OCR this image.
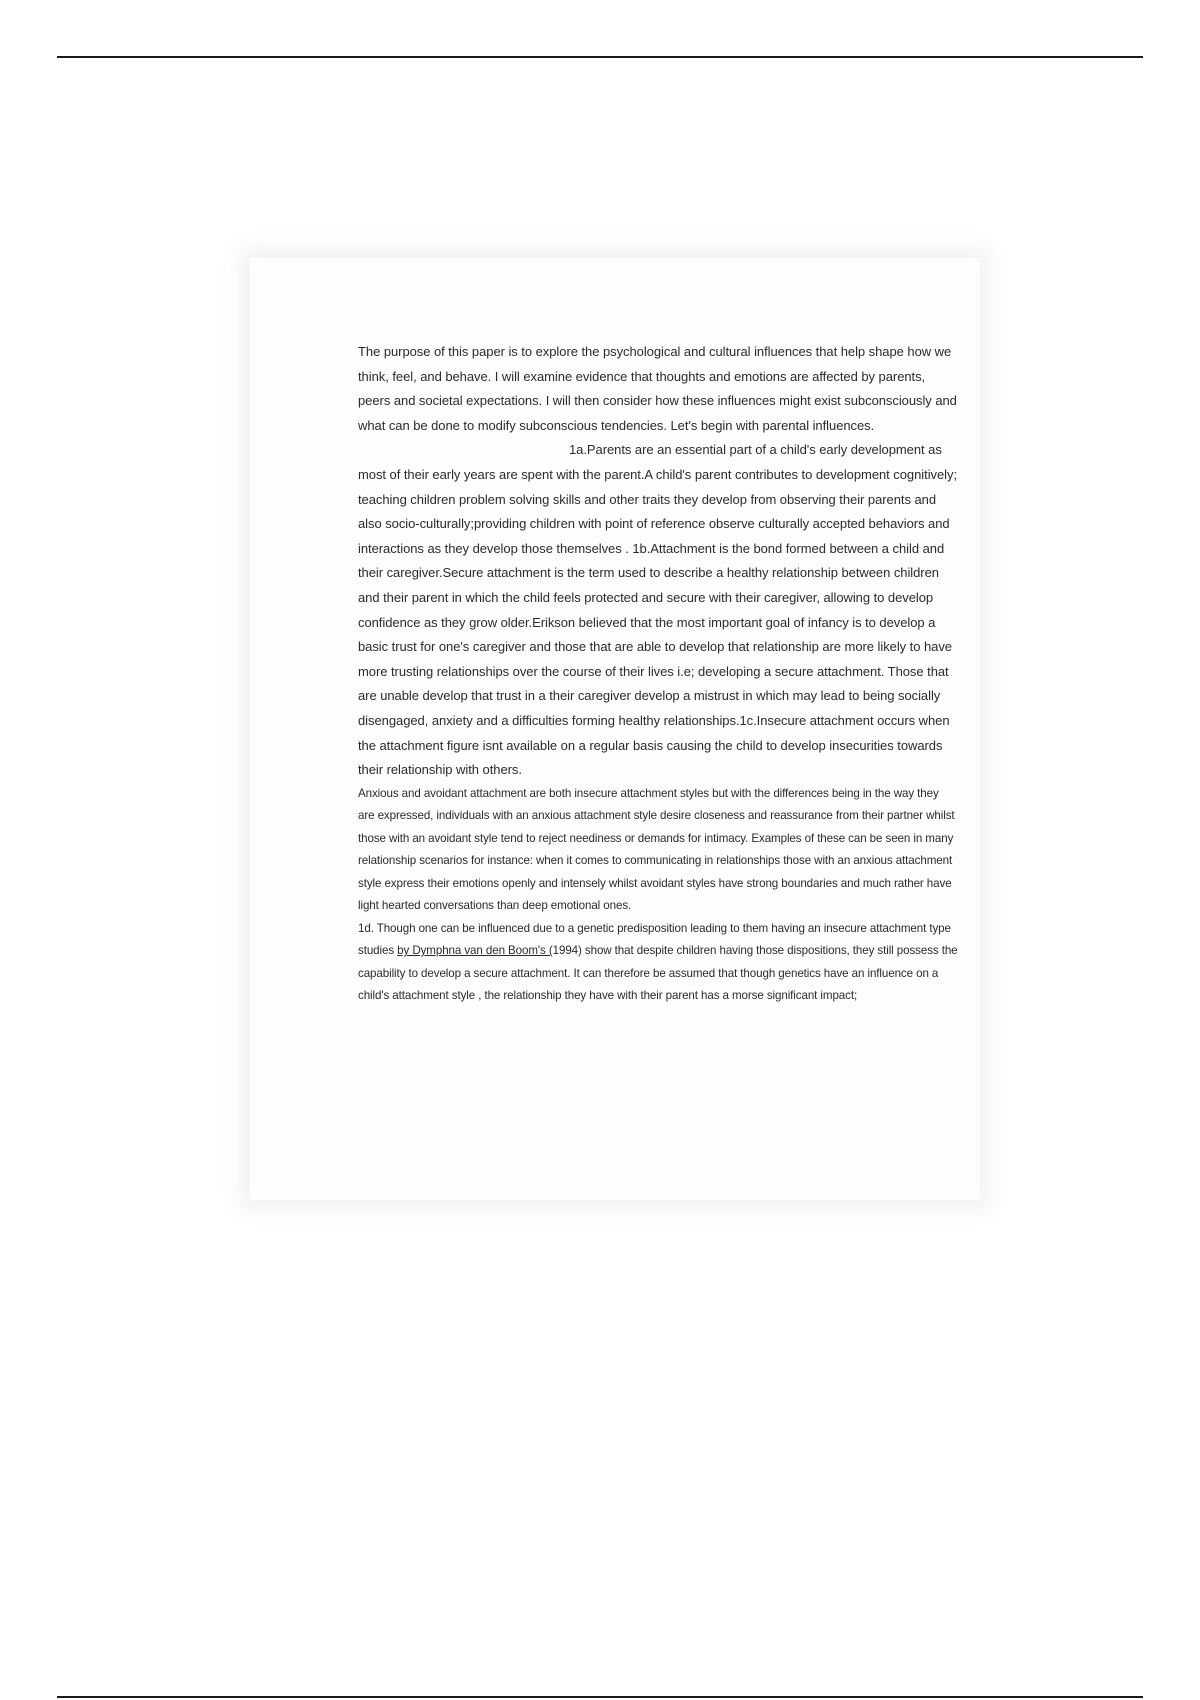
The purpose of this paper is to explore the psychological and cultural influences that help shape how we think, feel, and behave. I will examine evidence that thoughts and emotions are affected by parents, peers and societal expectations. I will then consider how these influences might exist subconsciously and what can be done to modify subconscious tendencies. Let's begin with parental influences.

1a.Parents are an essential part of a child's early development as most of their early years are spent with the parent.A child's parent contributes to development cognitively; teaching children problem solving skills and other traits they develop from observing their parents and also socio-culturally;providing children with point of reference observe culturally accepted behaviors and interactions as they develop those themselves . 1b.Attachment is the bond formed between a child and their caregiver.Secure attachment is the term used to describe a healthy relationship between children and their parent in which the child feels protected and secure with their caregiver, allowing to develop confidence as they grow older.Erikson believed that the most important goal of infancy is to develop a basic trust for one's caregiver and those that are able to develop that relationship are more likely to have more trusting relationships over the course of their lives i.e; developing a secure attachment. Those that are unable develop that trust in a their caregiver develop a mistrust in which may lead to being socially disengaged, anxiety and a difficulties forming healthy relationships.1c.Insecure attachment occurs when the attachment figure isnt available on a regular basis causing the child to develop insecurities towards their relationship with others.

Anxious and avoidant attachment are both insecure attachment styles but with the differences being in the way they are expressed, individuals with an anxious attachment style desire closeness and reassurance from their partner whilst those with an avoidant style tend to reject neediness or demands for intimacy. Examples of these can be seen in many relationship scenarios for instance: when it comes to communicating in relationships those with an anxious attachment style express their emotions openly and intensely whilst avoidant styles have strong boundaries and much rather have light hearted conversations than deep emotional ones.
1d. Though one can be influenced due to a genetic predisposition leading to them having an insecure attachment type studies by Dymphna van den Boom's (1994) show that despite children having those dispositions, they still possess the capability to develop a secure attachment. It can therefore be assumed that though genetics have an influence on a child's attachment style , the relationship they have with their parent has a morse significant impact;
